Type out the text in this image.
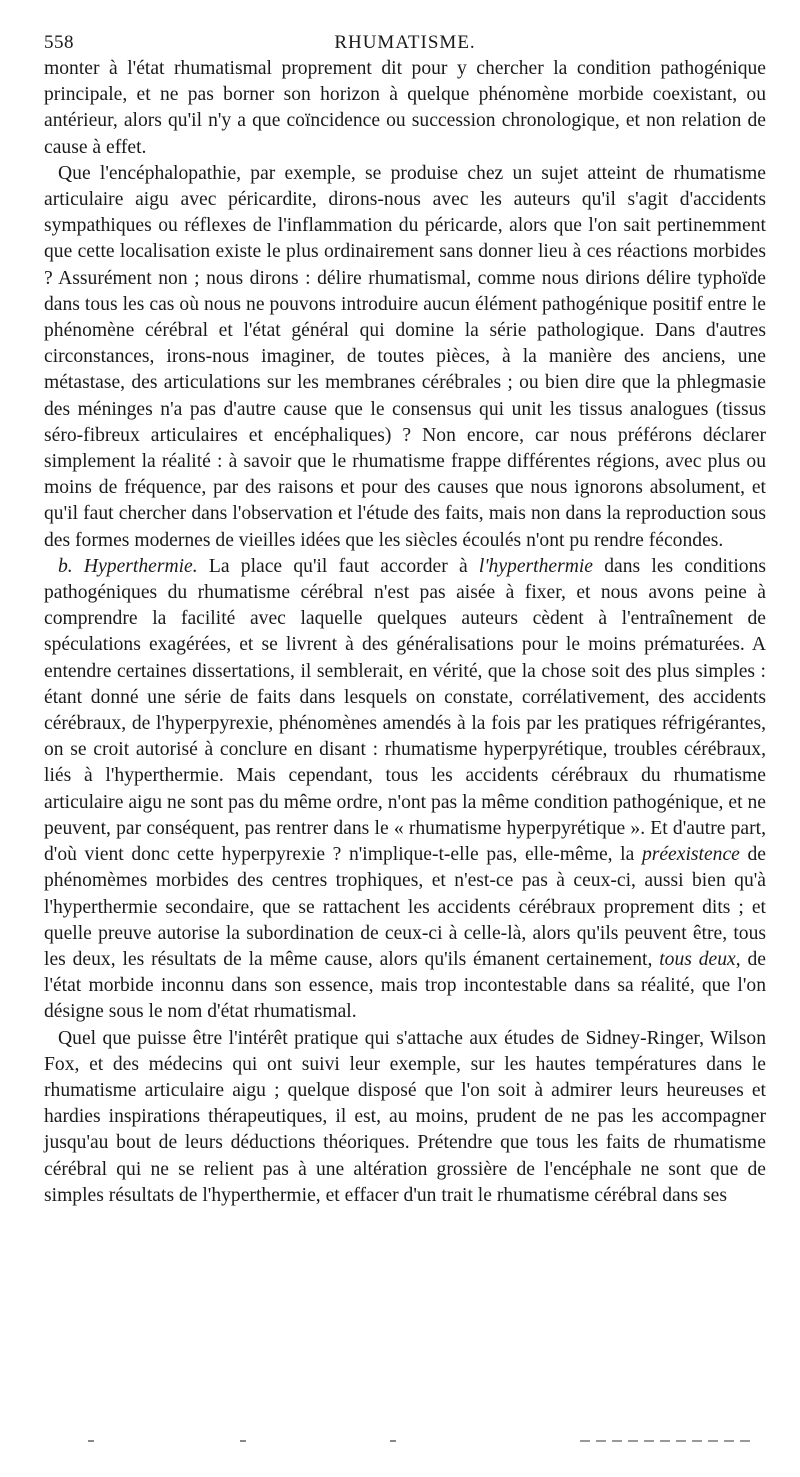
558	RHUMATISME.

monter à l'état rhumatismal proprement dit pour y chercher la condition pathogénique principale, et ne pas borner son horizon à quelque phénomène morbide coexistant, ou antérieur, alors qu'il n'y a que coïncidence ou succession chronologique, et non relation de cause à effet.

Que l'encéphalopathie, par exemple, se produise chez un sujet atteint de rhumatisme articulaire aigu avec péricardite, dirons-nous avec les auteurs qu'il s'agit d'accidents sympathiques ou réflexes de l'inflammation du péricarde, alors que l'on sait pertinemment que cette localisation existe le plus ordinairement sans donner lieu à ces réactions morbides ? Assurément non ; nous dirons : délire rhumatismal, comme nous dirions délire typhoïde dans tous les cas où nous ne pouvons introduire aucun élément pathogénique positif entre le phénomène cérébral et l'état général qui domine la série pathologique. Dans d'autres circonstances, irons-nous imaginer, de toutes pièces, à la manière des anciens, une métastase, des articulations sur les membranes cérébrales ; ou bien dire que la phlegmasie des méninges n'a pas d'autre cause que le consensus qui unit les tissus analogues (tissus séro-fibreux articulaires et encéphaliques) ? Non encore, car nous préférons déclarer simplement la réalité : à savoir que le rhumatisme frappe différentes régions, avec plus ou moins de fréquence, par des raisons et pour des causes que nous ignorons absolument, et qu'il faut chercher dans l'observation et l'étude des faits, mais non dans la reproduction sous des formes modernes de vieilles idées que les siècles écoulés n'ont pu rendre fécondes.

b. Hyperthermie. La place qu'il faut accorder à l'hyperthermie dans les conditions pathogéniques du rhumatisme cérébral n'est pas aisée à fixer, et nous avons peine à comprendre la facilité avec laquelle quelques auteurs cèdent à l'entraînement de spéculations exagérées, et se livrent à des généralisations pour le moins prématurées. A entendre certaines dissertations, il semblerait, en vérité, que la chose soit des plus simples : étant donné une série de faits dans lesquels on constate, corrélativement, des accidents cérébraux, de l'hyperpyrexie, phénomènes amendés à la fois par les pratiques réfrigérantes, on se croit autorisé à conclure en disant : rhumatisme hyperpyrétique, troubles cérébraux, liés à l'hyperthermie. Mais cependant, tous les accidents cérébraux du rhumatisme articulaire aigu ne sont pas du même ordre, n'ont pas la même condition pathogénique, et ne peuvent, par conséquent, pas rentrer dans le « rhumatisme hyperpyrétique ». Et d'autre part, d'où vient donc cette hyperpyrexie ? n'implique-t-elle pas, elle-même, la préexistence de phénomèmes morbides des centres trophiques, et n'est-ce pas à ceux-ci, aussi bien qu'à l'hyperthermie secondaire, que se rattachent les accidents cérébraux proprement dits ; et quelle preuve autorise la subordination de ceux-ci à celle-là, alors qu'ils peuvent être, tous les deux, les résultats de la même cause, alors qu'ils émanent certainement, tous deux, de l'état morbide inconnu dans son essence, mais trop incontestable dans sa réalité, que l'on désigne sous le nom d'état rhumatismal.

Quel que puisse être l'intérêt pratique qui s'attache aux études de Sidney-Ringer, Wilson Fox, et des médecins qui ont suivi leur exemple, sur les hautes températures dans le rhumatisme articulaire aigu ; quelque disposé que l'on soit à admirer leurs heureuses et hardies inspirations thérapeutiques, il est, au moins, prudent de ne pas les accompagner jusqu'au bout de leurs déductions théoriques. Prétendre que tous les faits de rhumatisme cérébral qui ne se relient pas à une altération grossière de l'encéphale ne sont que de simples résultats de l'hyperthermie, et effacer d'un trait le rhumatisme cérébral dans ses
